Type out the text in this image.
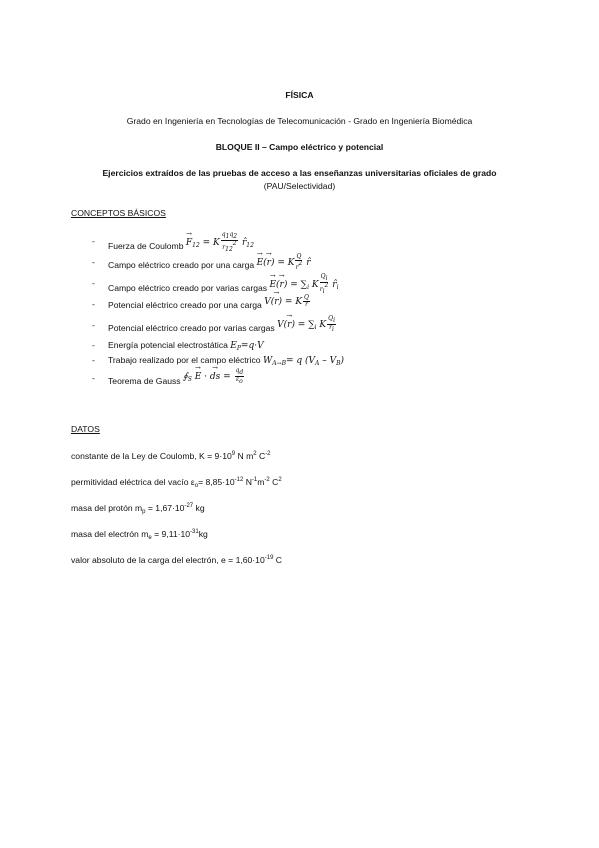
FÍSICA
Grado en Ingeniería en Tecnologías de Telecomunicación - Grado en Ingeniería Biomédica
BLOQUE II – Campo eléctrico y potencial
Ejercicios extraídos de las pruebas de acceso a las enseñanzas universitarias oficiales de grado
(PAU/Selectividad)
CONCEPTOS BÁSICOS
-
Fuerza de Coulomb → $F_{12} = K \frac{q1q2}{r122}$ $r̂_{12}$
- Campo eléctrico creado por una carga → E(→ r) = K $\frac{Q}{r2}$ r̂
-
Campo eléctrico creado por varias cargas → $E(\to r) = \sum_i$ K $\frac{Qi}{ri2}$ $r̂_i$
- Potencial eléctrico creado por una carga V(→ r) = K $\frac{Q}{r}$
- Potencial eléctrico creado por varias cargas $V(\to r) = \sum_i$ K $\frac{Qi}{ri}$
- Energía potencial electrostática $E_P=q\cdot V$
- Trabajo realizado por el campo eléctrico $W_{A\to B}= q$ $(V_A - V_B)$
- Teorema de Gauss $∮_S \to E$ · → ds = $\frac{qd}{\varepsilon o}$
DATOS
constante de la Ley de Coulomb, $K = 9\cdot 10^9$ N $m^2$ $C^{-2}$
permitividad eléctrica del vacío $\varepsilon_o= 8,85\cdot 10^{-12}$ $N^{-1}m^{-2}$ $C^2$
masa del protón $m_p = 1,67\cdot 10^{-27}$ kg
masa del electrón $m_e = 9,11\cdot 10^{-31}kg$
valor absoluto de la carga del electrón, $e = 1,60\cdot 10^{-19}$ C
